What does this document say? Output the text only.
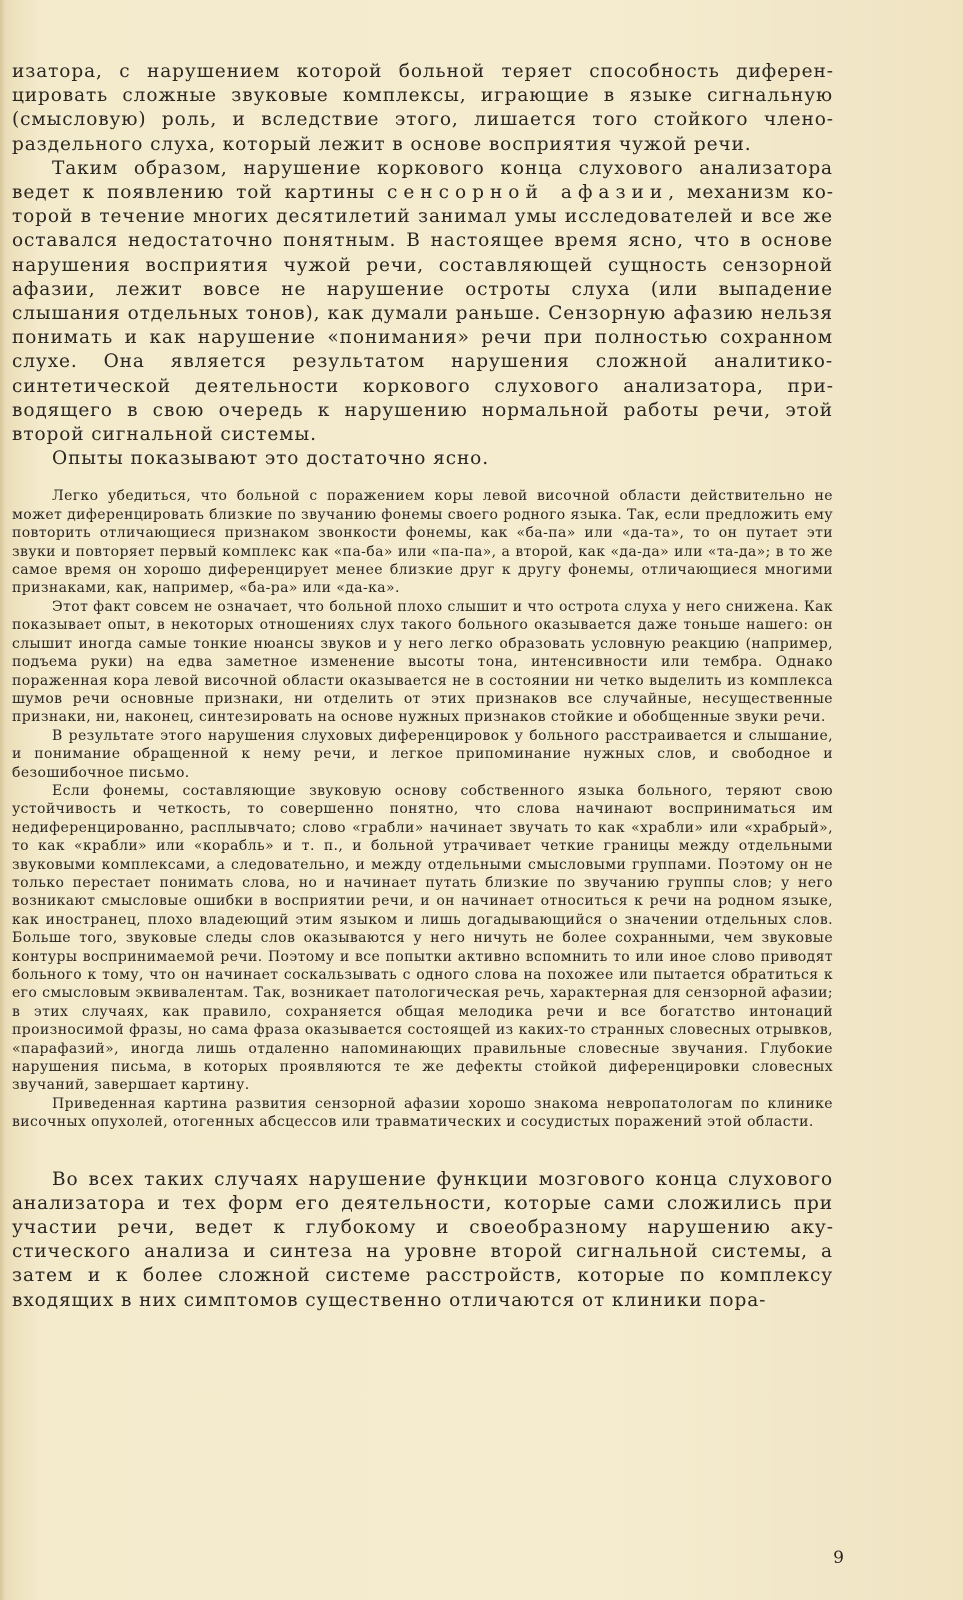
изатора, с нарушением которой больной теряет способность диференцировать сложные звуковые комплексы, играющие в языке сигнальную (смысловую) роль, и вследствие этого, лишается того стойкого членораздельного слуха, который лежит в основе восприятия чужой речи.

Таким образом, нарушение коркового конца слухового анализатора ведет к появлению той картины сенсорной афазии, механизм которой в течение многих десятилетий занимал умы исследователей и все же оставался недостаточно понятным. В настоящее время ясно, что в основе нарушения восприятия чужой речи, составляющей сущность сензорной афазии, лежит вовсе не нарушение остроты слуха (или выпадение слышания отдельных тонов), как думали раньше. Сензорную афазию нельзя понимать и как нарушение «понимания» речи при полностью сохранном слухе. Она является результатом нарушения сложной аналитико-синтетической деятельности коркового слухового анализатора, приводящего в свою очередь к нарушению нормальной работы речи, этой второй сигнальной системы.

Опыты показывают это достаточно ясно.

Легко убедиться, что больной с поражением коры левой височной области действительно не может диференцировать близкие по звучанию фонемы своего родного языка. Так, если предложить ему повторить отличающиеся признаком звонкости фонемы, как «ба-па» или «да-та», то он путает эти звуки и повторяет первый комплекс как «па-ба» или «па-па», а второй, как «да-да» или «та-да»; в то же самое время он хорошо диференцирует менее близкие друг к другу фонемы, отличающиеся многими признаками, как, например, «ба-ра» или «да-ка».

Этот факт совсем не означает, что больной плохо слышит и что острота слуха у него снижена. Как показывает опыт, в некоторых отношениях слух такого больного оказывается даже тоньше нашего: он слышит иногда самые тонкие нюансы звуков и у него легко образовать условную реакцию (например, подъема руки) на едва заметное изменение высоты тона, интенсивности или тембра. Однако пораженная кора левой височной области оказывается не в состоянии ни четко выделить из комплекса шумов речи основные признаки, ни отделить от этих признаков все случайные, несущественные признаки, ни, наконец, синтезировать на основе нужных признаков стойкие и обобщенные звуки речи.

В результате этого нарушения слуховых диференцировок у больного расстраивается и слышание, и понимание обращенной к нему речи, и легкое припоминание нужных слов, и свободное и безошибочное письмо.

Если фонемы, составляющие звуковую основу собственного языка больного, теряют свою устойчивость и четкость, то совершенно понятно, что слова начинают восприниматься им недиференцированно, расплывчато; слово «грабли» начинает звучать то как «храбли» или «храбрый», то как «крабли» или «корабль» и т. п., и больной утрачивает четкие границы между отдельными звуковыми комплексами, а следовательно, и между отдельными смысловыми группами. Поэтому он не только перестает понимать слова, но и начинает путать близкие по звучанию группы слов; у него возникают смысловые ошибки в восприятии речи, и он начинает относиться к речи на родном языке, как иностранец, плохо владеющий этим языком и лишь догадывающийся о значении отдельных слов. Больше того, звуковые следы слов оказываются у него ничуть не более сохранными, чем звуковые контуры воспринимаемой речи. Поэтому и все попытки активно вспомнить то или иное слово приводят больного к тому, что он начинает соскальзывать с одного слова на похожее или пытается обратиться к его смысловым эквивалентам. Так, возникает патологическая речь, характерная для сензорной афазии; в этих случаях, как правило, сохраняется общая мелодика речи и все богатство интонаций произносимой фразы, но сама фраза оказывается состоящей из каких-то странных словесных отрывков, «парафазий», иногда лишь отдаленно напоминающих правильные словесные звучания. Глубокие нарушения письма, в которых проявляются те же дефекты стойкой диференцировки словесных звучаний, завершает картину.

Приведенная картина развития сензорной афазии хорошо знакома невропатологам по клинике височных опухолей, отогенных абсцессов или травматических и сосудистых поражений этой области.

Во всех таких случаях нарушение функции мозгового конца слухового анализатора и тех форм его деятельности, которые сами сложились при участии речи, ведет к глубокому и своеобразному нарушению акустического анализа и синтеза на уровне второй сигнальной системы, а затем и к более сложной системе расстройств, которые по комплексу входящих в них симптомов существенно отличаются от клиники пора-

9
